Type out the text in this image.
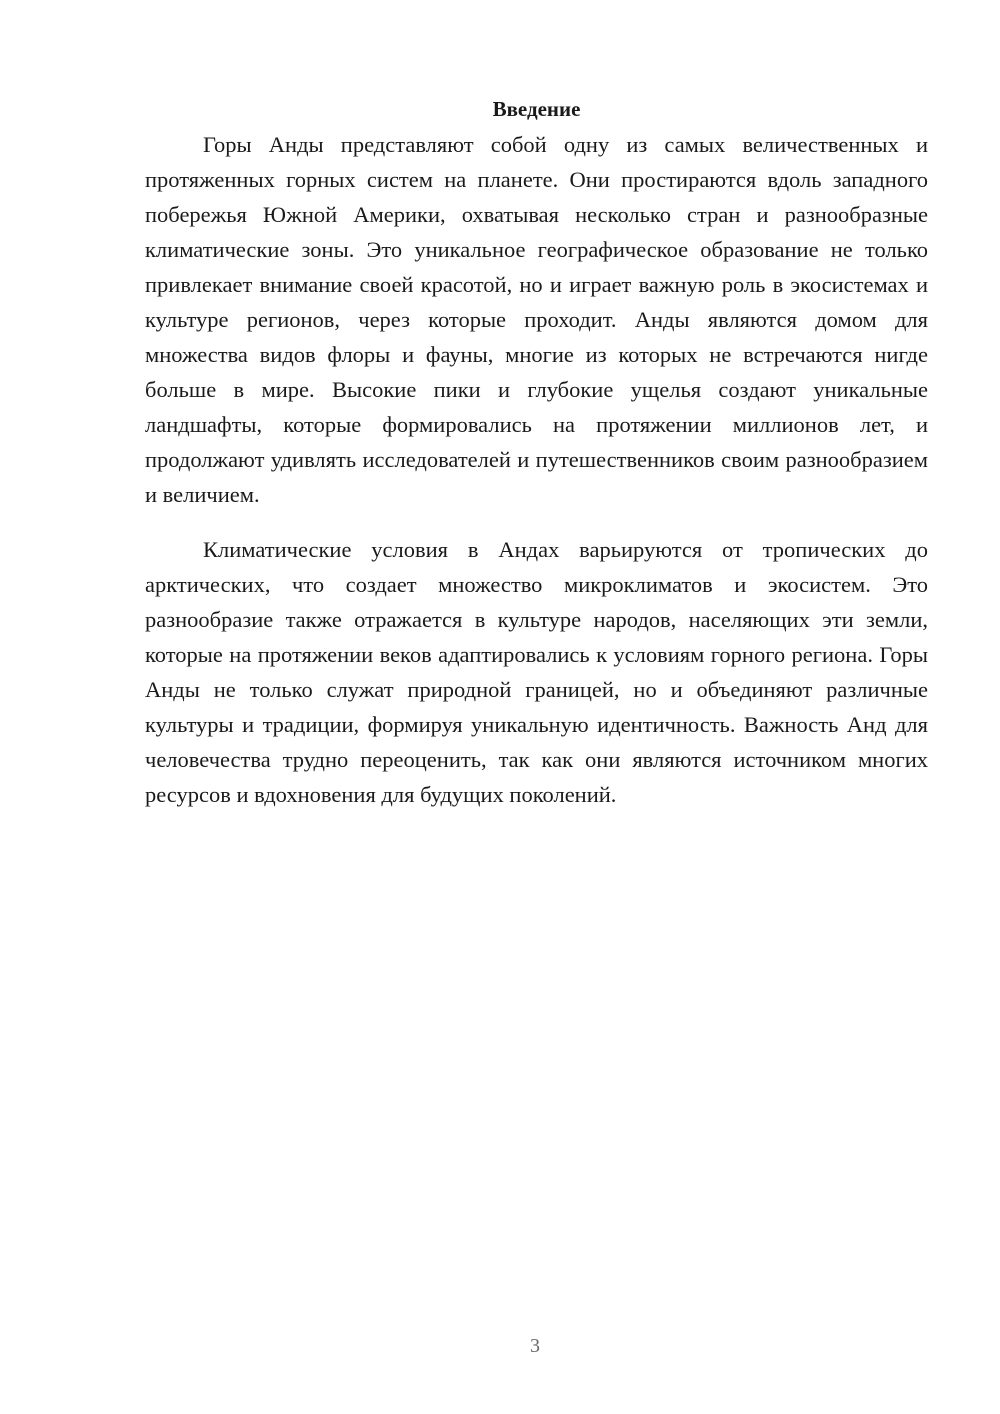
Введение

Горы Анды представляют собой одну из самых величественных и протяженных горных систем на планете. Они простираются вдоль западного побережья Южной Америки, охватывая несколько стран и разнообразные климатические зоны. Это уникальное географическое образование не только привлекает внимание своей красотой, но и играет важную роль в экосистемах и культуре регионов, через которые проходит. Анды являются домом для множества видов флоры и фауны, многие из которых не встречаются нигде больше в мире. Высокие пики и глубокие ущелья создают уникальные ландшафты, которые формировались на протяжении миллионов лет, и продолжают удивлять исследователей и путешественников своим разнообразием и величием.

Климатические условия в Андах варьируются от тропических до арктических, что создает множество микроклиматов и экосистем. Это разнообразие также отражается в культуре народов, населяющих эти земли, которые на протяжении веков адаптировались к условиям горного региона. Горы Анды не только служат природной границей, но и объединяют различные культуры и традиции, формируя уникальную идентичность. Важность Анд для человечества трудно переоценить, так как они являются источником многих ресурсов и вдохновения для будущих поколений.

3
